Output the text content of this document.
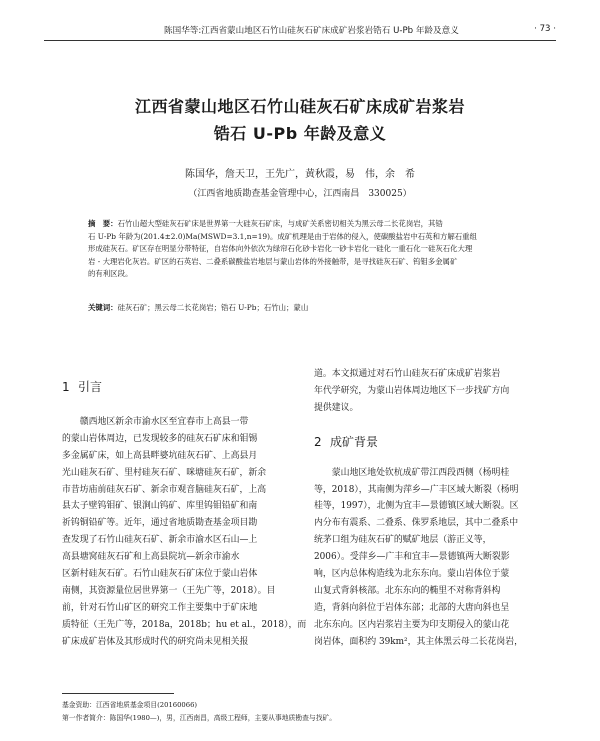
陈国华等:江西省蒙山地区石竹山硅灰石矿床成矿岩浆岩锆石 U-Pb 年龄及意义	· 73 ·
江西省蒙山地区石竹山硅灰石矿床成矿岩浆岩
锆石 U-Pb 年龄及意义
陈国华，詹天卫，王先广，黄秋霞，易　伟，余　希
（江西省地质勘查基金管理中心，江西南昌　330025）
摘　要：石竹山超大型硅灰石矿床是世界第一大硅灰石矿床，与成矿关系密切相关为黑云母二长花岗岩，其锆
石 U-Pb 年龄为(201.4±2.0)Ma(MSWD=3.1,n=19)。成矿机理是由于岩体的侵入，使碳酸盐岩中石英和方解石重组
形成硅灰石。矿区存在明显分带特征，自岩体向外依次为绿帘石化砂卡岩化一砂卡岩化一硅化一重石化一硅灰石化大理
岩 - 大理岩化灰岩。矿区的石英岩、二叠系碳酸盐岩地层与蒙山岩体的外接触带，是寻找硅灰石矿、钨钼多金属矿
的有利区段。
关键词：硅灰石矿；黑云母二长花岗岩；锆石 U-Pb；石竹山；蒙山
1 引言
　　赣西地区新余市渝水区至宜春市上高县一带
的蒙山岩体周边，已发现较多的硅灰石矿床和钼锡
多金属矿床，如上高县畔婆坑硅灰石矿、上高县月
光山硅灰石矿、里村硅灰石矿、咪塘硅灰石矿，新余
市昔坊庙前硅灰石矿、新余市观音脑硅灰石矿，上高
县太子壁钨钼矿、银涧山钨矿、库里钨钼铅矿和南
祈钨铜铅矿等。近年，通过省地质勘查基金项目勘
查发现了石竹山硅灰石矿、新余市渝水区石山—上
高县塘窝硅灰石矿和上高县院坑—新余市渝水
区新村硅灰石矿。石竹山硅灰石矿床位于蒙山岩体
南侧，其资源量位居世界第一（王先广等，2018）。目
前，针对石竹山矿区的研究工作主要集中于矿床地
质特征（王先广等，2018a，2018b；hu et al.，2018），而
矿床成矿岩体及其形成时代的研究尚未见相关报
道。本文拟通过对石竹山硅灰石矿床成矿岩浆岩
年代学研究，为蒙山岩体周边地区下一步找矿方向
提供建议。
2 成矿背景
　　蒙山地区地处钦杭成矿带江西段西侧（杨明桂
等，2018），其南侧为萍乡—广丰区域大断裂（杨明
桂等，1997），北侧为宜丰—景德镇区域大断裂。区
内分布有震系、二叠系、侏罗系地层，其中二叠系中
统茅口组为硅灰石矿的赋矿地层（游正义等，
2006）。受萍乡—广丰和宜丰—景德镇两大断裂影
响，区内总体构造线为北东东向。蒙山岩体位于蒙
山复式背斜核部。北东东向的椭里不对称背斜构
造，背斜向斜位于岩体东部；北部的大唐向斜也呈
北东东向。区内岩浆岩主要为印支期侵入的蒙山花
岗岩体，面积约 39km²，其主体黑云母二长花岗岩，
基金资助：江西省地质基金项目(20160066)
第一作者简介：陈国华(1980—)，男，江西南昌，高级工程师，主要从事地质勘查与找矿。
